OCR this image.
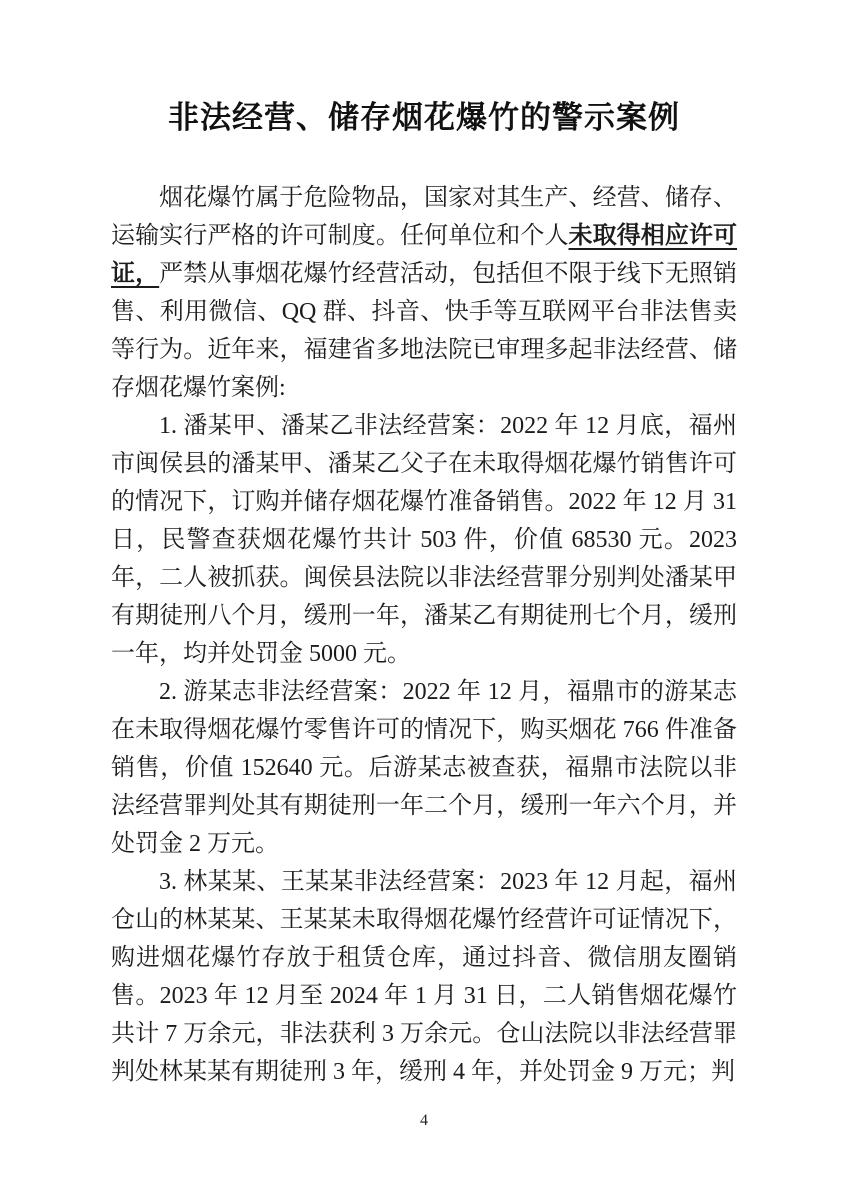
非法经营、储存烟花爆竹的警示案例

烟花爆竹属于危险物品，国家对其生产、经营、储存、运输实行严格的许可制度。任何单位和个人未取得相应许可证，严禁从事烟花爆竹经营活动，包括但不限于线下无照销售、利用微信、QQ 群、抖音、快手等互联网平台非法售卖等行为。近年来，福建省多地法院已审理多起非法经营、储存烟花爆竹案例:

1. 潘某甲、潘某乙非法经营案：2022 年 12 月底，福州市闽侯县的潘某甲、潘某乙父子在未取得烟花爆竹销售许可的情况下，订购并储存烟花爆竹准备销售。2022 年 12 月 31 日，民警查获烟花爆竹共计 503 件，价值 68530 元。2023 年，二人被抓获。闽侯县法院以非法经营罪分别判处潘某甲有期徒刑八个月，缓刑一年，潘某乙有期徒刑七个月，缓刑一年，均并处罚金 5000 元。

2. 游某志非法经营案：2022 年 12 月，福鼎市的游某志在未取得烟花爆竹零售许可的情况下，购买烟花 766 件准备销售，价值 152640 元。后游某志被查获，福鼎市法院以非法经营罪判处其有期徒刑一年二个月，缓刑一年六个月，并处罚金 2 万元。

3. 林某某、王某某非法经营案：2023 年 12 月起，福州仓山的林某某、王某某未取得烟花爆竹经营许可证情况下，购进烟花爆竹存放于租赁仓库，通过抖音、微信朋友圈销售。2023 年 12 月至 2024 年 1 月 31 日，二人销售烟花爆竹共计 7 万余元，非法获利 3 万余元。仓山法院以非法经营罪判处林某某有期徒刑 3 年，缓刑 4 年，并处罚金 9 万元；判

4
